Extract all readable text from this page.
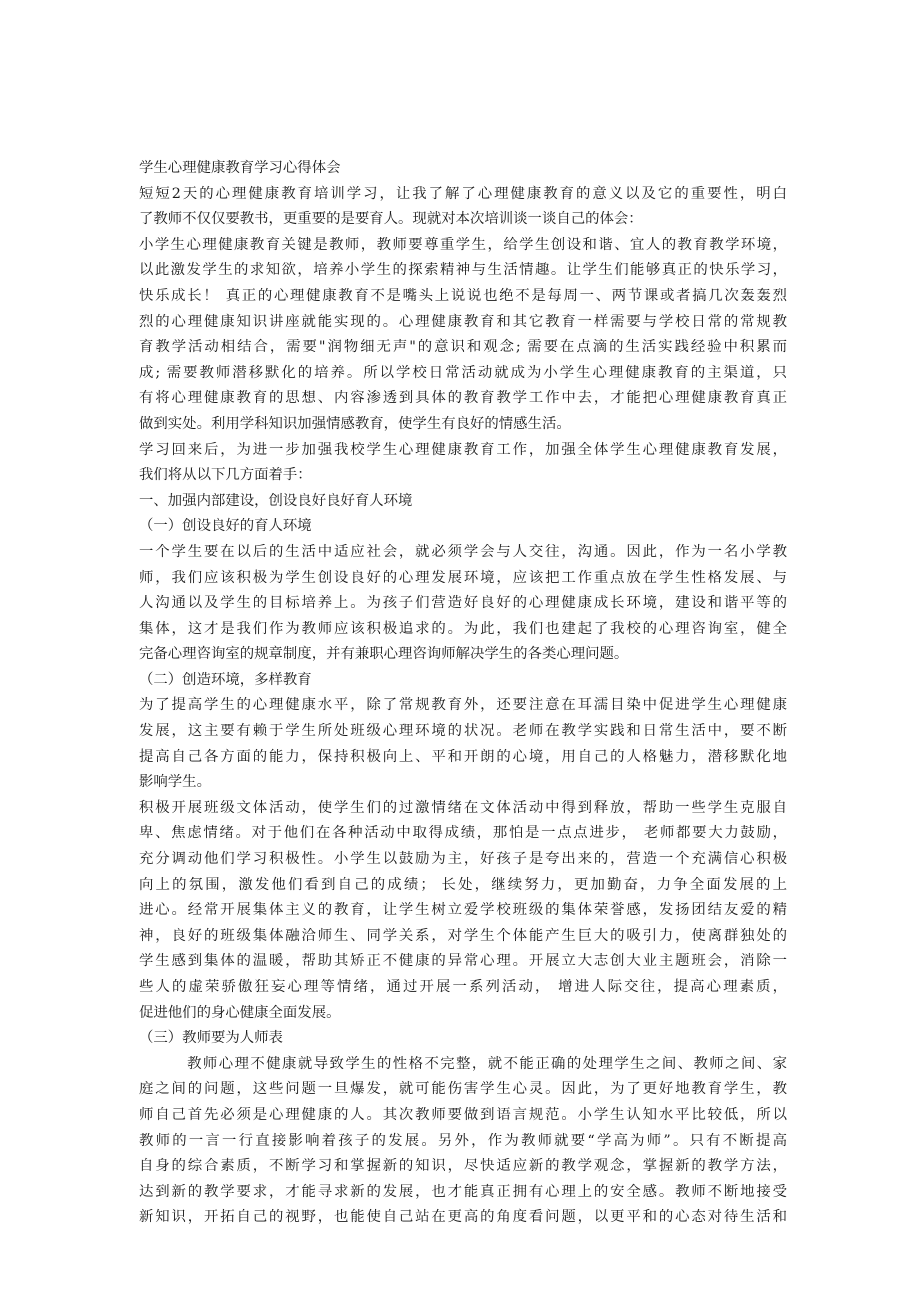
学生心理健康教育学习心得体会

短短2天的心理健康教育培训学习，让我了解了心理健康教育的意义以及它的重要性，明白

了教师不仅仅要教书，更重要的是要育人。现就对本次培训谈一谈自己的体会：

小学生心理健康教育关键是教师，教师要尊重学生，给学生创设和谐、宜人的教育教学环境，

以此激发学生的求知欲，培养小学生的探索精神与生活情趣。让学生们能够真正的快乐学习，

快乐成长！ 真正的心理健康教育不是嘴头上说说也绝不是每周一、两节课或者搞几次轰轰烈

烈的心理健康知识讲座就能实现的。心理健康教育和其它教育一样需要与学校日常的常规教

育教学活动相结合，需要"润物细无声"的意识和观念; 需要在点滴的生活实践经验中积累而

成; 需要教师潜移默化的培养。所以学校日常活动就成为小学生心理健康教育的主渠道，只

有将心理健康教育的思想、内容渗透到具体的教育教学工作中去，才能把心理健康教育真正

做到实处。利用学科知识加强情感教育，使学生有良好的情感生活。

学习回来后，为进一步加强我校学生心理健康教育工作，加强全体学生心理健康教育发展，

我们将从以下几方面着手：

一、加强内部建设，创设良好良好育人环境

（一）创设良好的育人环境

一个学生要在以后的生活中适应社会，就必须学会与人交往，沟通。因此，作为一名小学教

师，我们应该积极为学生创设良好的心理发展环境，应该把工作重点放在学生性格发展、与

人沟通以及学生的目标培养上。为孩子们营造好良好的心理健康成长环境，建设和谐平等的

集体，这才是我们作为教师应该积极追求的。为此，我们也建起了我校的心理咨询室，健全

完备心理咨询室的规章制度，并有兼职心理咨询师解决学生的各类心理问题。

（二）创造环境，多样教育

为了提高学生的心理健康水平，除了常规教育外，还要注意在耳濡目染中促进学生心理健康

发展，这主要有赖于学生所处班级心理环境的状况。老师在教学实践和日常生活中，要不断

提高自己各方面的能力，保持积极向上、平和开朗的心境，用自己的人格魅力，潜移默化地

影响学生。

积极开展班级文体活动，使学生们的过激情绪在文体活动中得到释放，帮助一些学生克服自

卑、焦虑情绪。对于他们在各种活动中取得成绩，那怕是一点点进步， 老师都要大力鼓励，

充分调动他们学习积极性。小学生以鼓励为主，好孩子是夸出来的，营造一个充满信心积极

向上的氛围，激发他们看到自己的成绩； 长处，继续努力，更加勤奋，力争全面发展的上

进心。经常开展集体主义的教育，让学生树立爱学校班级的集体荣誉感，发扬团结友爱的精

神，良好的班级集体融洽师生、同学关系，对学生个体能产生巨大的吸引力，使离群独处的

学生感到集体的温暖，帮助其矫正不健康的异常心理。开展立大志创大业主题班会，消除一

些人的虚荣骄傲狂妄心理等情绪，通过开展一系列活动， 增进人际交往，提高心理素质，

促进他们的身心健康全面发展。

（三）教师要为人师表

教师心理不健康就导致学生的性格不完整，就不能正确的处理学生之间、教师之间、家

庭之间的问题，这些问题一旦爆发，就可能伤害学生心灵。因此，为了更好地教育学生，教

师自己首先必须是心理健康的人。其次教师要做到语言规范。小学生认知水平比较低，所以

教师的一言一行直接影响着孩子的发展。另外，作为教师就要“学高为师”。只有不断提高

自身的综合素质，不断学习和掌握新的知识，尽快适应新的教学观念，掌握新的教学方法，

达到新的教学要求，才能寻求新的发展，也才能真正拥有心理上的安全感。教师不断地接受

新知识，开拓自己的视野，也能使自己站在更高的角度看问题，以更平和的心态对待生活和
